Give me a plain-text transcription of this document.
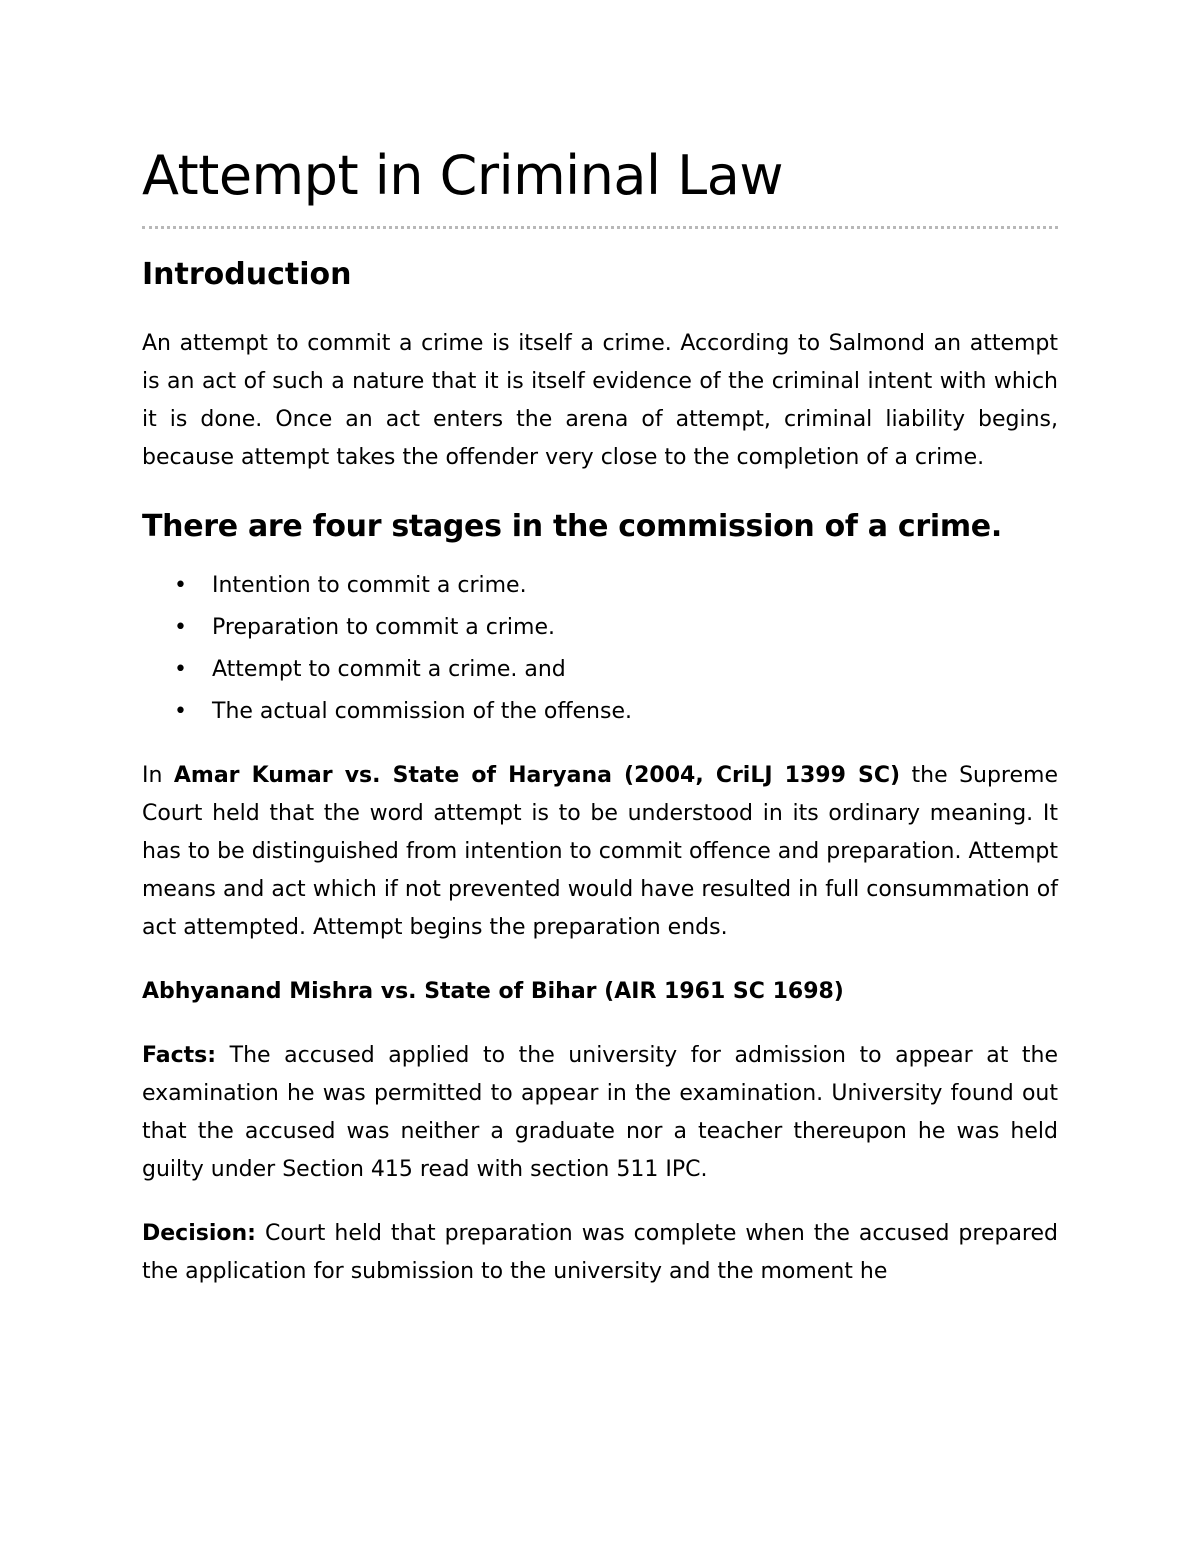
Attempt in Criminal Law
Introduction

An attempt to commit a crime is itself a crime. According to Salmond an attempt is an act of such a nature that it is itself evidence of the criminal intent with which it is done. Once an act enters the arena of attempt, criminal liability begins, because attempt takes the offender very close to the completion of a crime.

There are four stages in the commission of a crime.
• Intention to commit a crime.
• Preparation to commit a crime.
• Attempt to commit a crime. and
• The actual commission of the offense.

In Amar Kumar vs. State of Haryana (2004, CriLJ 1399 SC) the Supreme Court held that the word attempt is to be understood in its ordinary meaning. It has to be distinguished from intention to commit offence and preparation. Attempt means and act which if not prevented would have resulted in full consummation of act attempted. Attempt begins the preparation ends.

Abhyanand Mishra vs. State of Bihar (AIR 1961 SC 1698)

Facts: The accused applied to the university for admission to appear at the examination he was permitted to appear in the examination. University found out that the accused was neither a graduate nor a teacher thereupon he was held guilty under Section 415 read with section 511 IPC.

Decision: Court held that preparation was complete when the accused prepared the application for submission to the university and the moment he
